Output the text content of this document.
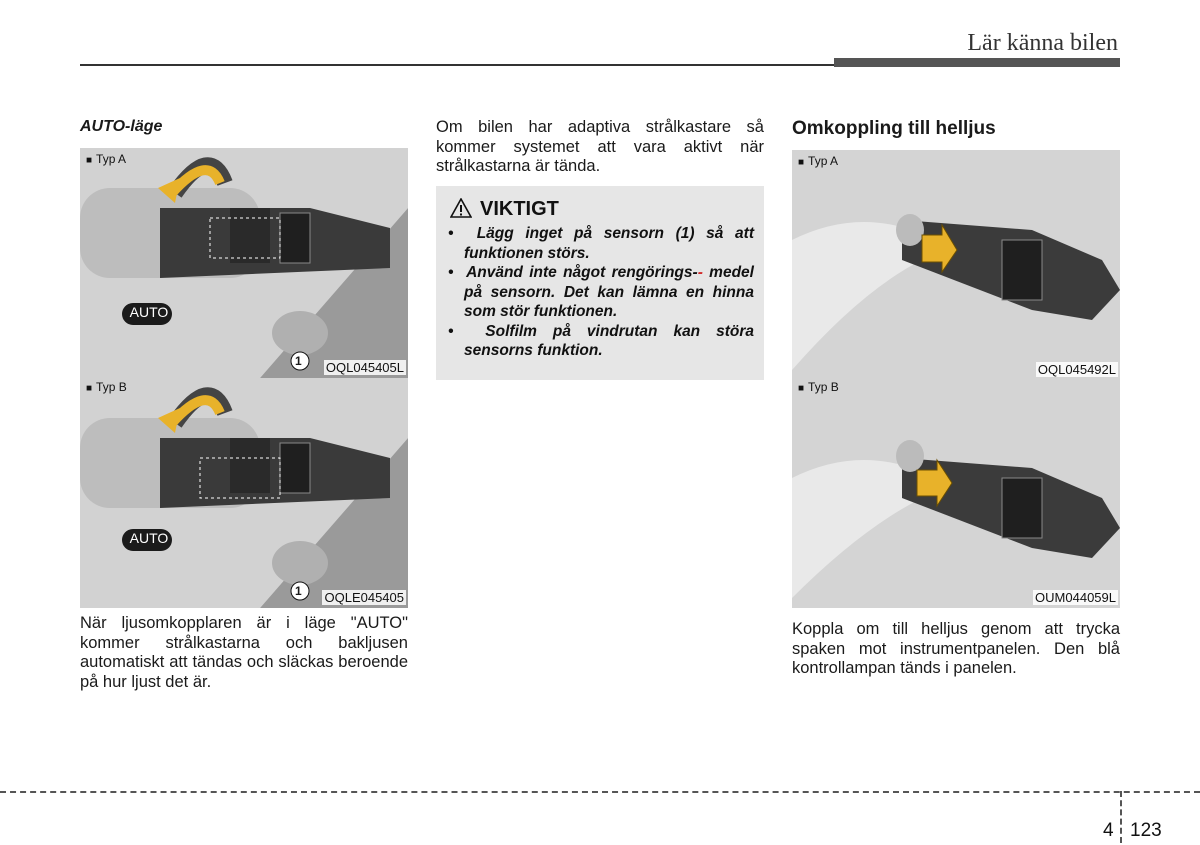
Lär känna bilen
AUTO-läge
■ Typ A
AUTO
1 OQL045405L
■ Typ B
AUTO
1 OQLE045405
När ljusomkopplaren är i läge "AUTO" kommer strålkastarna och bakljusen automatiskt att tändas och släckas beroende på hur ljust det är.
Om bilen har adaptiva strålkastare så kommer systemet att vara aktivt när strålkastarna är tända.
VIKTIGT
• Lägg inget på sensorn (1) så att funktionen störs.
• Använd inte något rengörings-- medel på sensorn. Det kan lämna en hinna som stör funktionen.
• Solfilm på vindrutan kan störa sensorns funktion.
Omkoppling till helljus
■ Typ A
OQL045492L
■ Typ B
OUM044059L
Koppla om till helljus genom att trycka spaken mot instrumentpanelen. Den blå kontrollampan tänds i panelen.
4 123
